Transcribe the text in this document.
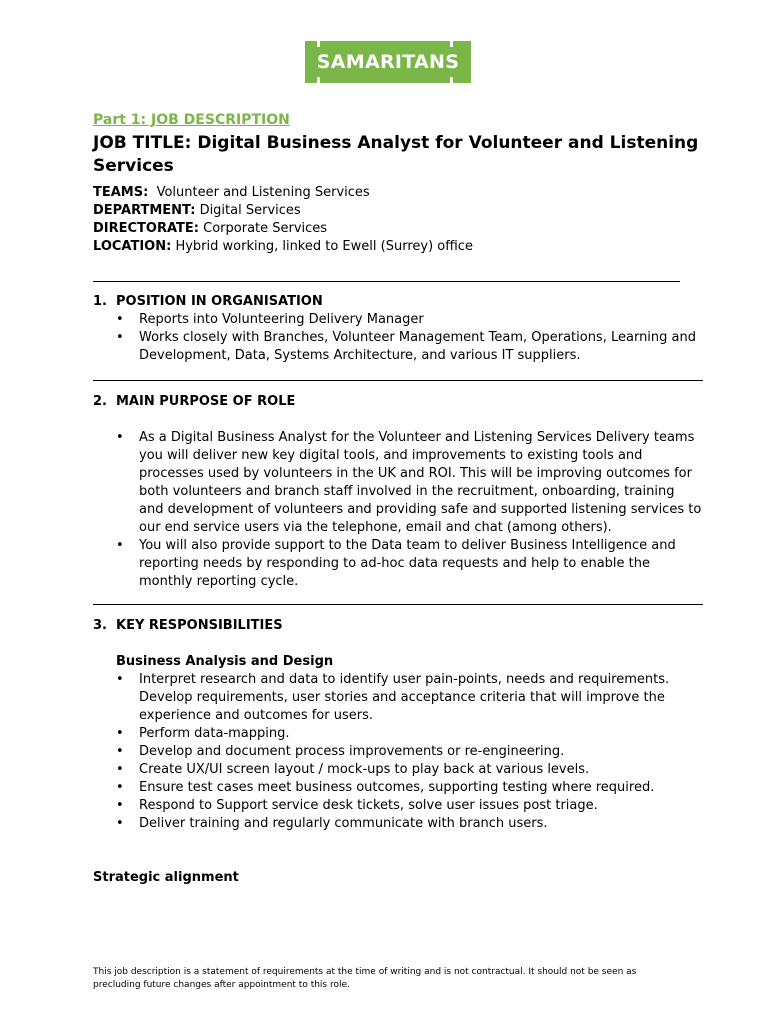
SAMARITANS

Part 1: JOB DESCRIPTION

JOB TITLE: Digital Business Analyst for Volunteer and Listening Services

TEAMS: Volunteer and Listening Services

DEPARTMENT: Digital Services

DIRECTORATE: Corporate Services

LOCATION: Hybrid working, linked to Ewell (Surrey) office

1. POSITION IN ORGANISATION

• Reports into Volunteering Delivery Manager
• Works closely with Branches, Volunteer Management Team, Operations, Learning and Development, Data, Systems Architecture, and various IT suppliers.

2. MAIN PURPOSE OF ROLE

• As a Digital Business Analyst for the Volunteer and Listening Services Delivery teams you will deliver new key digital tools, and improvements to existing tools and processes used by volunteers in the UK and ROI. This will be improving outcomes for both volunteers and branch staff involved in the recruitment, onboarding, training and development of volunteers and providing safe and supported listening services to our end service users via the telephone, email and chat (among others).
• You will also provide support to the Data team to deliver Business Intelligence and reporting needs by responding to ad-hoc data requests and help to enable the monthly reporting cycle.

3. KEY RESPONSIBILITIES

Business Analysis and Design

• Interpret research and data to identify user pain-points, needs and requirements. Develop requirements, user stories and acceptance criteria that will improve the experience and outcomes for users.
• Perform data-mapping.
• Develop and document process improvements or re-engineering.
• Create UX/UI screen layout / mock-ups to play back at various levels.
• Ensure test cases meet business outcomes, supporting testing where required.
• Respond to Support service desk tickets, solve user issues post triage.
• Deliver training and regularly communicate with branch users.

Strategic alignment

This job description is a statement of requirements at the time of writing and is not contractual. It should not be seen as precluding future changes after appointment to this role.
